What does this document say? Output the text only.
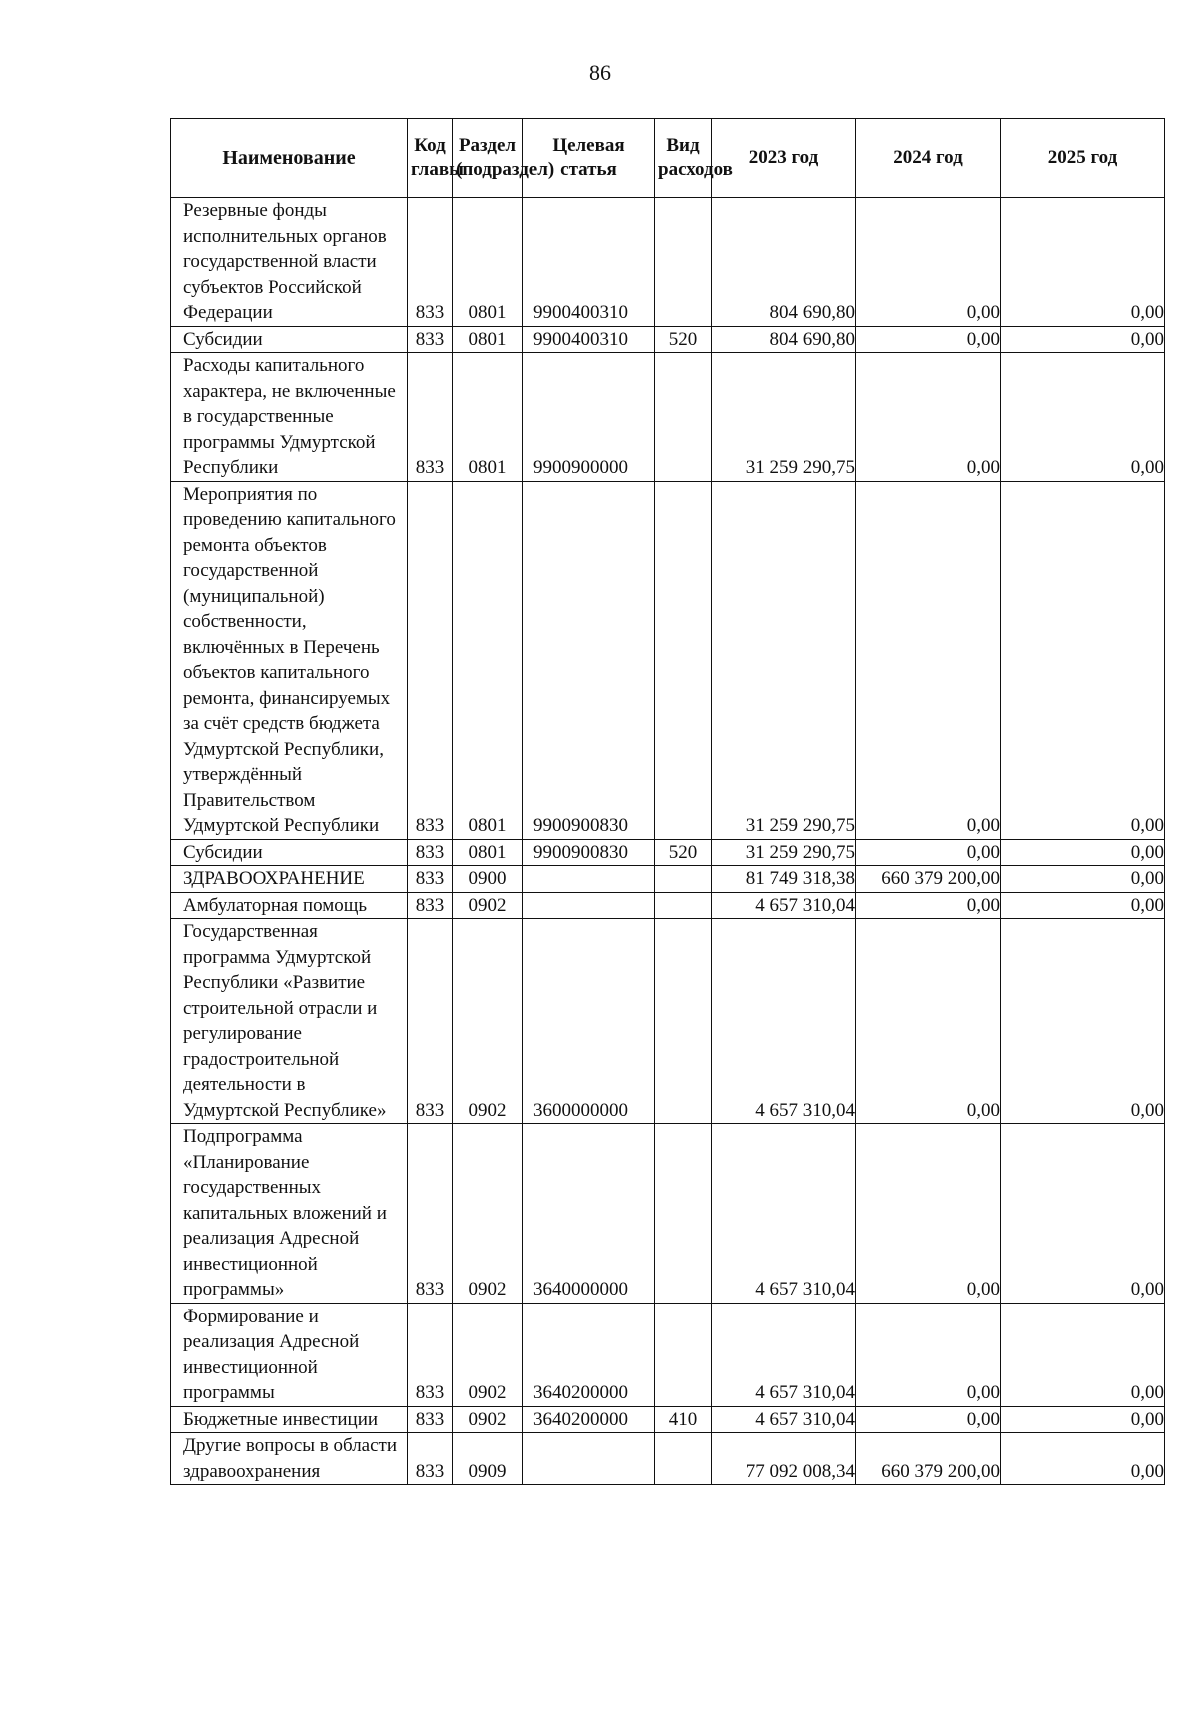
86
Наименование	Код главы	Раздел (подраздел)	Целевая статья	Вид расходов	2023 год	2024 год	2025 год
Резервные фонды исполнительных органов государственной власти субъектов Российской Федерации	833	0801	9900400310		804 690,80	0,00	0,00
Субсидии	833	0801	9900400310	520	804 690,80	0,00	0,00
Расходы капитального характера, не включенные в государственные программы Удмуртской Республики	833	0801	9900900000		31 259 290,75	0,00	0,00
Мероприятия по проведению капитального ремонта объектов государственной (муниципальной) собственности, включённых в Перечень объектов капитального ремонта, финансируемых за счёт средств бюджета Удмуртской Республики, утверждённый Правительством Удмуртской Республики	833	0801	9900900830		31 259 290,75	0,00	0,00
Субсидии	833	0801	9900900830	520	31 259 290,75	0,00	0,00
ЗДРАВООХРАНЕНИЕ	833	0900			81 749 318,38	660 379 200,00	0,00
Амбулаторная помощь	833	0902			4 657 310,04	0,00	0,00
Государственная программа Удмуртской Республики «Развитие строительной отрасли и регулирование градостроительной деятельности в Удмуртской Республике»	833	0902	3600000000		4 657 310,04	0,00	0,00
Подпрограмма «Планирование государственных капитальных вложений и реализация Адресной инвестиционной программы»	833	0902	3640000000		4 657 310,04	0,00	0,00
Формирование и реализация Адресной инвестиционной программы	833	0902	3640200000		4 657 310,04	0,00	0,00
Бюджетные инвестиции	833	0902	3640200000	410	4 657 310,04	0,00	0,00
Другие вопросы в области здравоохранения	833	0909			77 092 008,34	660 379 200,00	0,00
